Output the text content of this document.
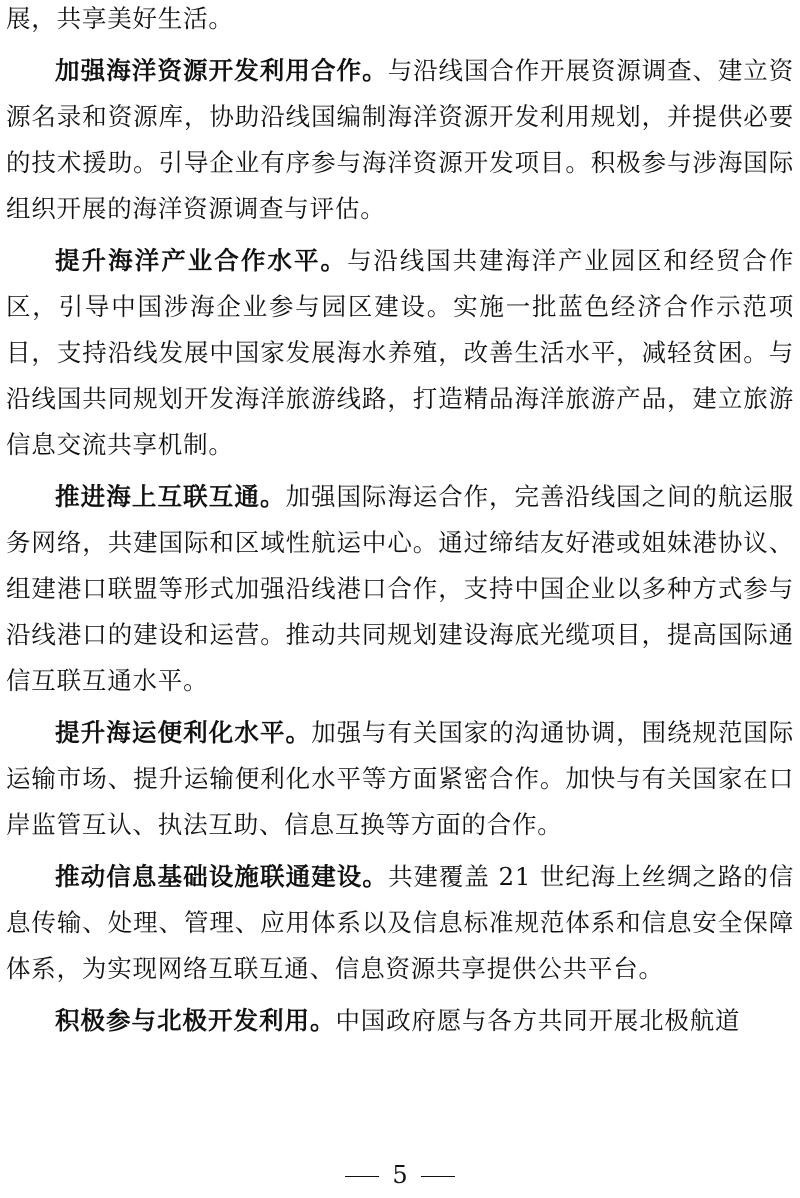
展，共享美好生活。

加强海洋资源开发利用合作。与沿线国合作开展资源调查、建立资源名录和资源库，协助沿线国编制海洋资源开发利用规划，并提供必要的技术援助。引导企业有序参与海洋资源开发项目。积极参与涉海国际组织开展的海洋资源调查与评估。

提升海洋产业合作水平。与沿线国共建海洋产业园区和经贸合作区，引导中国涉海企业参与园区建设。实施一批蓝色经济合作示范项目，支持沿线发展中国家发展海水养殖，改善生活水平，减轻贫困。与沿线国共同规划开发海洋旅游线路，打造精品海洋旅游产品，建立旅游信息交流共享机制。

推进海上互联互通。加强国际海运合作，完善沿线国之间的航运服务网络，共建国际和区域性航运中心。通过缔结友好港或姐妹港协议、组建港口联盟等形式加强沿线港口合作，支持中国企业以多种方式参与沿线港口的建设和运营。推动共同规划建设海底光缆项目，提高国际通信互联互通水平。

提升海运便利化水平。加强与有关国家的沟通协调，围绕规范国际运输市场、提升运输便利化水平等方面紧密合作。加快与有关国家在口岸监管互认、执法互助、信息互换等方面的合作。

推动信息基础设施联通建设。共建覆盖 21 世纪海上丝绸之路的信息传输、处理、管理、应用体系以及信息标准规范体系和信息安全保障体系，为实现网络互联互通、信息资源共享提供公共平台。

积极参与北极开发利用。中国政府愿与各方共同开展北极航道

5
